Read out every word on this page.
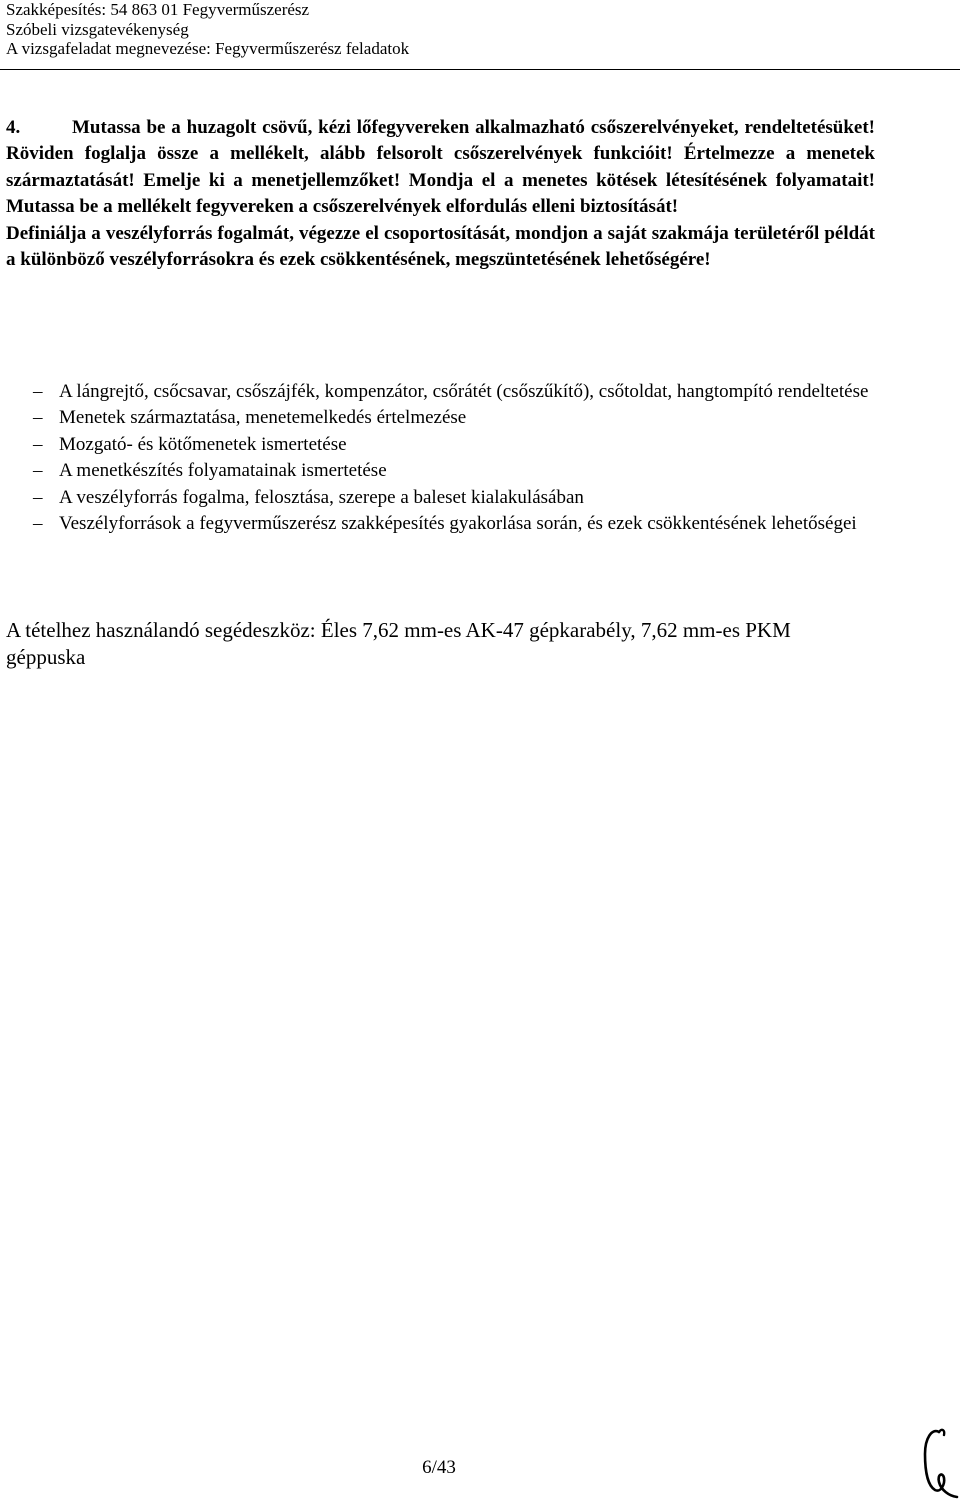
Szakképesítés: 54 863 01 Fegyverműszerész
Szóbeli vizsgatevékenység
A vizsgafeladat megnevezése: Fegyverműszerész feladatok
4.	Mutassa be a huzagolt csövű, kézi lőfegyvereken alkalmazható csőszerelvényeket, rendeltetésüket! Röviden foglalja össze a mellékelt, alább felsorolt csőszerelvények funkcióit! Értelmezze a menetek származtatását! Emelje ki a menetjellemzőket! Mondja el a menetes kötések létesítésének folyamatait! Mutassa be a mellékelt fegyvereken a csőszerelvények elfordulás elleni biztosítását!
Definiálja a veszélyforrás fogalmát, végezze el csoportosítását, mondjon a saját szakmája területéről példát a különböző veszélyforrásokra és ezek csökkentésének, megszüntetésének lehetőségére!
– A lángrejtő, csőcsavar, csőszájfék, kompenzátor, csőrátét (csőszűkítő), csőtoldat, hangtompító rendeltetése
– Menetek származtatása, menetemelkedés értelmezése
– Mozgató- és kötőmenetek ismertetése
– A menetkészítés folyamatainak ismertetése
– A veszélyforrás fogalma, felosztása, szerepe a baleset kialakulásában
– Veszélyforrások a fegyverműszerész szakképesítés gyakorlása során, és ezek csökkentésének lehetőségei
A tételhez használandó segédeszköz: Éles 7,62 mm-es AK-47 gépkarabély, 7,62 mm-es PKM géppuska
6/43
